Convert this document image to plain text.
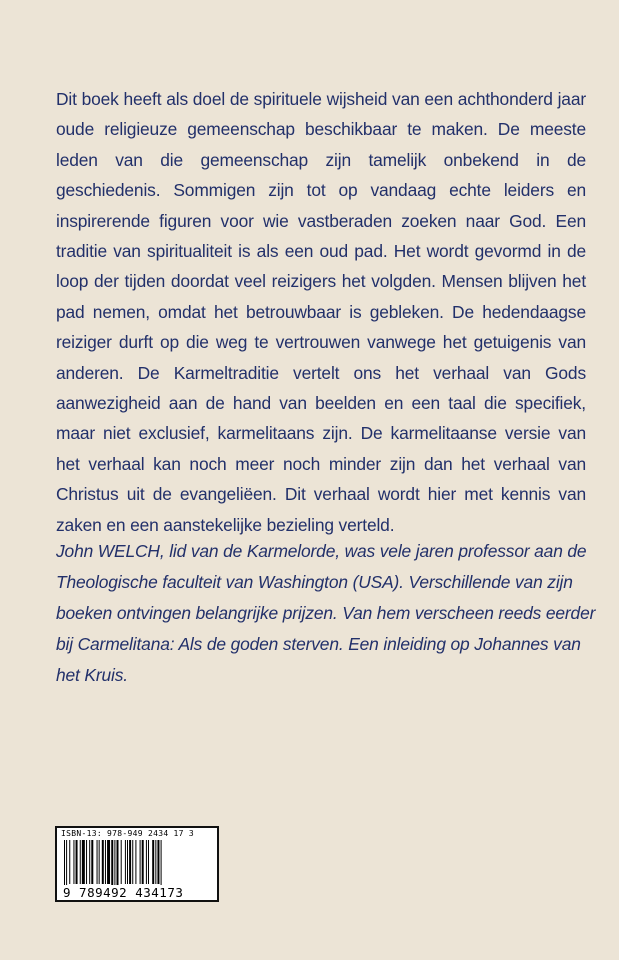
Dit boek heeft als doel de spirituele wijsheid van een achthonderd jaar oude religieuze gemeenschap beschikbaar te maken. De meeste leden van die gemeenschap zijn tamelijk onbekend in de geschiedenis. Sommigen zijn tot op vandaag echte leiders en inspirerende figuren voor wie vastberaden zoeken naar God. Een traditie van spiritualiteit is als een oud pad. Het wordt gevormd in de loop der tijden doordat veel reizigers het volgden. Mensen blijven het pad nemen, omdat het betrouwbaar is gebleken. De hedendaagse reiziger durft op die weg te vertrouwen vanwege het getuigenis van anderen. De Karmeltraditie vertelt ons het verhaal van Gods aanwezigheid aan de hand van beelden en een taal die specifiek, maar niet exclusief, karmelitaans zijn. De karmelitaanse versie van het verhaal kan noch meer noch minder zijn dan het verhaal van Christus uit de evangeliëen. Dit verhaal wordt hier met kennis van zaken en een aanstekelijke bezieling verteld.

John WELCH, lid van de Karmelorde, was vele jaren professor aan de Theologische faculteit van Washington (USA). Verschillende van zijn boeken ontvingen belangrijke prijzen. Van hem verscheen reeds eerder bij Carmelitana: Als de goden sterven. Een inleiding op Johannes van het Kruis.

ISBN-13: 978-949 2434 17 3
9 789492 434173
